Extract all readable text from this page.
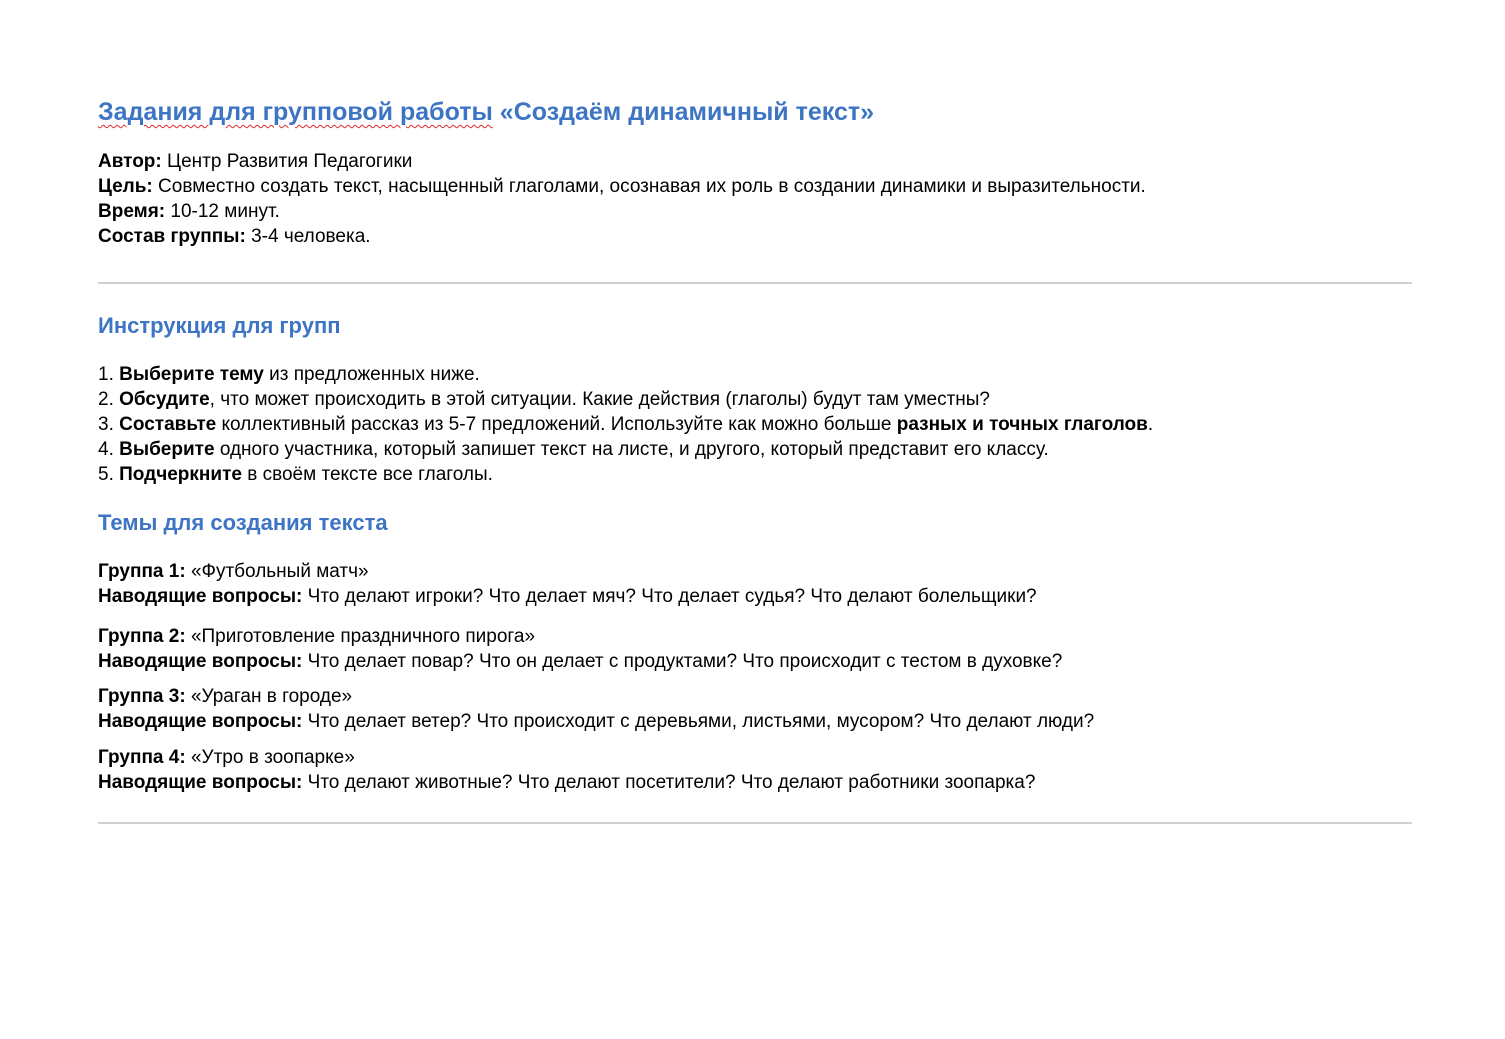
Задания для групповой работы «Создаём динамичный текст»
Автор: Центр Развития Педагогики
Цель: Совместно создать текст, насыщенный глаголами, осознавая их роль в создании динамики и выразительности.
Время: 10-12 минут.
Состав группы: 3-4 человека.
Инструкция для групп
1. Выберите тему из предложенных ниже.
2. Обсудите, что может происходить в этой ситуации. Какие действия (глаголы) будут там уместны?
3. Составьте коллективный рассказ из 5-7 предложений. Используйте как можно больше разных и точных глаголов.
4. Выберите одного участника, который запишет текст на листе, и другого, который представит его классу.
5. Подчеркните в своём тексте все глаголы.
Темы для создания текста
Группа 1: «Футбольный матч»
Наводящие вопросы: Что делают игроки? Что делает мяч? Что делает судья? Что делают болельщики?
Группа 2: «Приготовление праздничного пирога»
Наводящие вопросы: Что делает повар? Что он делает с продуктами? Что происходит с тестом в духовке?
Группа 3: «Ураган в городе»
Наводящие вопросы: Что делает ветер? Что происходит с деревьями, листьями, мусором? Что делают люди?
Группа 4: «Утро в зоопарке»
Наводящие вопросы: Что делают животные? Что делают посетители? Что делают работники зоопарка?
